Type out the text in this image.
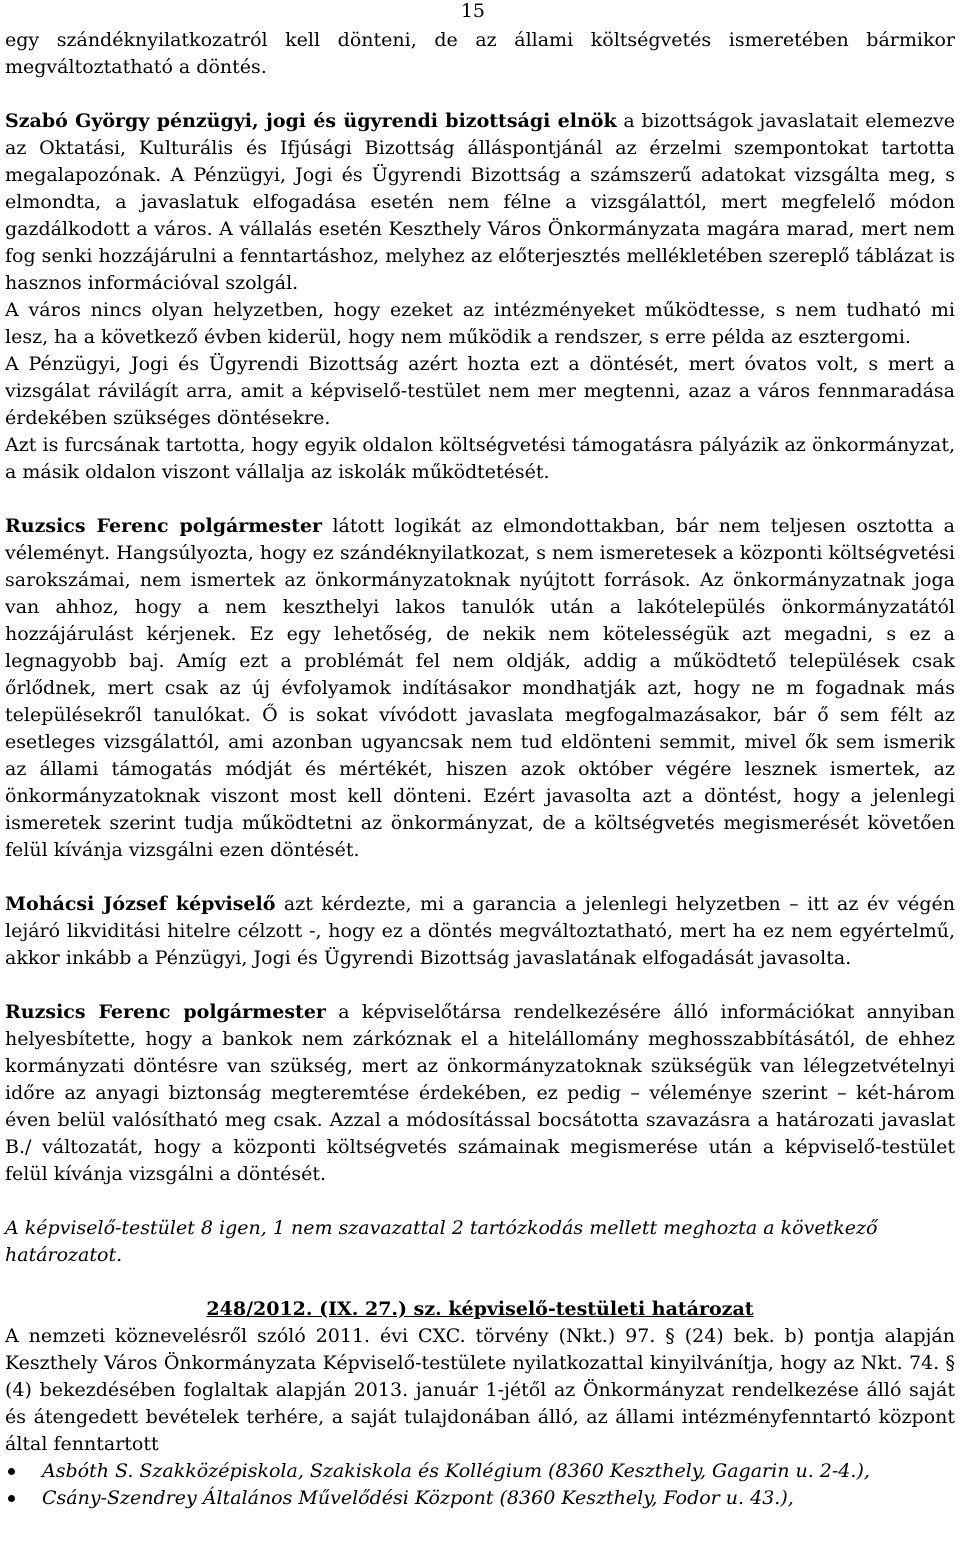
15

egy szándéknyilatkozatról kell dönteni, de az állami költségvetés ismeretében bármikor megváltoztatható a döntés.

Szabó György pénzügyi, jogi és ügyrendi bizottsági elnök a bizottságok javaslatait elemezve az Oktatási, Kulturális és Ifjúsági Bizottság álláspontjánál az érzelmi szempontokat tartotta megalapozónak. A Pénzügyi, Jogi és Ügyrendi Bizottság a számszerű adatokat vizsgálta meg, s elmondta, a javaslatuk elfogadása esetén nem félne a vizsgálattól, mert megfelelő módon gazdálkodott a város. A vállalás esetén Keszthely Város Önkormányzata magára marad, mert nem fog senki hozzájárulni a fenntartáshoz, melyhez az előterjesztés mellékletében szereplő táblázat is hasznos információval szolgál.

A város nincs olyan helyzetben, hogy ezeket az intézményeket működtesse, s nem tudható mi lesz, ha a következő évben kiderül, hogy nem működik a rendszer, s erre példa az esztergomi.

A Pénzügyi, Jogi és Ügyrendi Bizottság azért hozta ezt a döntését, mert óvatos volt, s mert a vizsgálat rávilágít arra, amit a képviselő-testület nem mer megtenni, azaz a város fennmaradása érdekében szükséges döntésekre.

Azt is furcsának tartotta, hogy egyik oldalon költségvetési támogatásra pályázik az önkormányzat, a másik oldalon viszont vállalja az iskolák működtetését.

Ruzsics Ferenc polgármester látott logikát az elmondottakban, bár nem teljesen osztotta a véleményt. Hangsúlyozta, hogy ez szándéknyilatkozat, s nem ismeretesek a központi költségvetési sarokszámai, nem ismertek az önkormányzatoknak nyújtott források. Az önkormányzatnak joga van ahhoz, hogy a nem keszthelyi lakos tanulók után a lakótelepülés önkormányzatától hozzájárulást kérjenek. Ez egy lehetőség, de nekik nem kötelességük azt megadni, s ez a legnagyobb baj. Amíg ezt a problémát fel nem oldják, addig a működtető települések csak őrlődnek, mert csak az új évfolyamok indításakor mondhatják azt, hogy ne m fogadnak más településekről tanulókat. Ő is sokat vívódott javaslata megfogalmazásakor, bár ő sem félt az esetleges vizsgálattól, ami azonban ugyancsak nem tud eldönteni semmit, mivel ők sem ismerik az állami támogatás módját és mértékét, hiszen azok október végére lesznek ismertek, az önkormányzatoknak viszont most kell dönteni. Ezért javasolta azt a döntést, hogy a jelenlegi ismeretek szerint tudja működtetni az önkormányzat, de a költségvetés megismerését követően felül kívánja vizsgálni ezen döntését.

Mohácsi József képviselő azt kérdezte, mi a garancia a jelenlegi helyzetben – itt az év végén lejáró likviditási hitelre célzott -, hogy ez a döntés megváltoztatható, mert ha ez nem egyértelmű, akkor inkább a Pénzügyi, Jogi és Ügyrendi Bizottság javaslatának elfogadását javasolta.

Ruzsics Ferenc polgármester a képviselőtársa rendelkezésére álló információkat annyiban helyesbítette, hogy a bankok nem zárkóznak el a hitelállomány meghosszabbításától, de ehhez kormányzati döntésre van szükség, mert az önkormányzatoknak szükségük van lélegzetvételnyi időre az anyagi biztonság megteremtése érdekében, ez pedig – véleménye szerint – két-három éven belül valósítható meg csak. Azzal a módosítással bocsátotta szavazásra a határozati javaslat B./ változatát, hogy a központi költségvetés számainak megismerése után a képviselő-testület felül kívánja vizsgálni a döntését.

A képviselő-testület 8 igen, 1 nem szavazattal 2 tartózkodás mellett meghozta a következő határozatot.

248/2012. (IX. 27.) sz. képviselő-testületi határozat

A nemzeti köznevelésről szóló 2011. évi CXC. törvény (Nkt.) 97. § (24) bek. b) pontja alapján Keszthely Város Önkormányzata Képviselő-testülete nyilatkozattal kinyilvánítja, hogy az Nkt. 74. § (4) bekezdésében foglaltak alapján 2013. január 1-jétől az Önkormányzat rendelkezése álló saját és átengedett bevételek terhére, a saját tulajdonában álló, az állami intézményfenntartó központ által fenntartott

Asbóth S. Szakközépiskola, Szakiskola és Kollégium (8360 Keszthely, Gagarin u. 2-4.),
Csány-Szendrey Általános Művelődési Központ (8360 Keszthely, Fodor u. 43.),
